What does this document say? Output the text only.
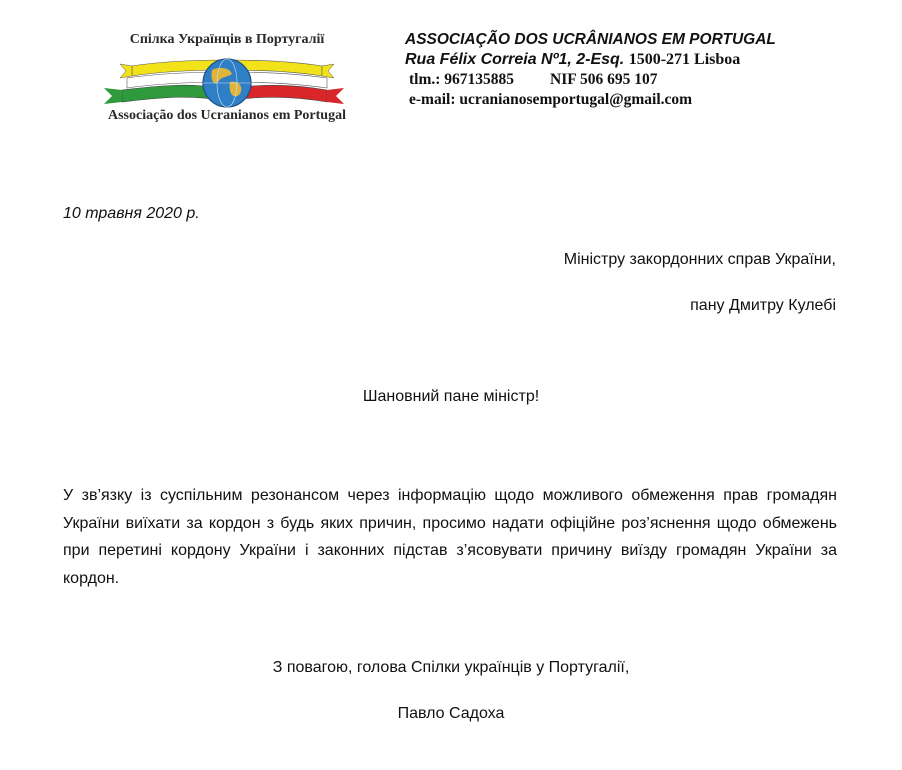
Спілка Українців в Португалії
Associação dos Ucranianos em Portugal
ASSOCIAÇÃO DOS UCRÂNIANOS EM PORTUGAL
Rua Félix Correia Nº1, 2-Esq. 1500-271 Lisboa
tlm.: 967135885 NIF 506 695 107
e-mail: ucranianosemportugal@gmail.com
10 травня 2020 р.
Міністру закордонних справ України,
пану Дмитру Кулебі
Шановний пане міністр!
У зв’язку із суспільним резонансом через інформацію щодо можливого обмеження прав громадян України виїхати за кордон з будь яких причин, просимо надати офіційне роз’яснення щодо обмежень при перетині кордону України і законних підстав з’ясовувати причину виїзду громадян України за кордон.
З повагою, голова Спілки українців у Португалії,
Павло Садоха
